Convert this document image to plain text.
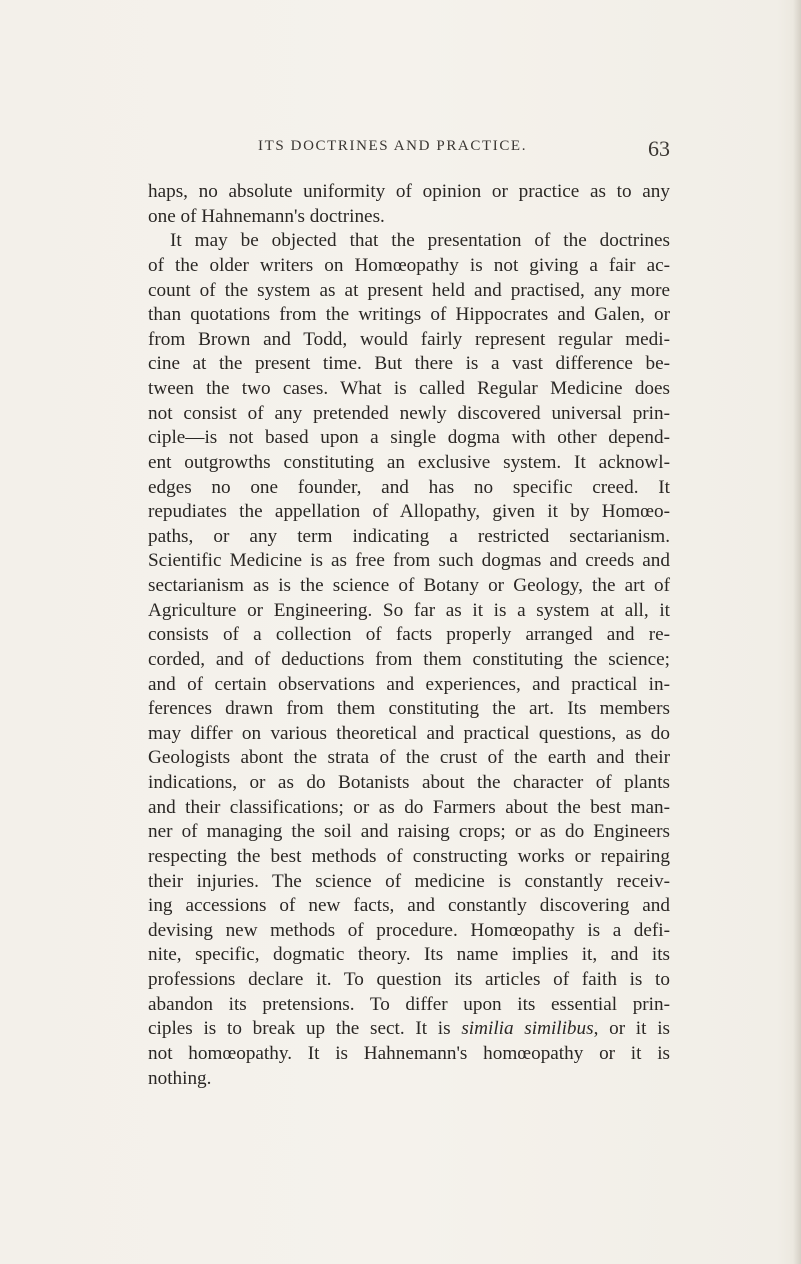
ITS DOCTRINES AND PRACTICE.	63
haps, no absolute uniformity of opinion or practice as to any
one of Hahnemann's doctrines.
It may be objected that the presentation of the doctrines
of the older writers on Homœopathy is not giving a fair ac-
count of the system as at present held and practised, any more
than quotations from the writings of Hippocrates and Galen, or
from Brown and Todd, would fairly represent regular medi-
cine at the present time. But there is a vast difference be-
tween the two cases. What is called Regular Medicine does
not consist of any pretended newly discovered universal prin-
ciple—is not based upon a single dogma with other depend-
ent outgrowths constituting an exclusive system. It acknowl-
edges no one founder, and has no specific creed. It
repudiates the appellation of Allopathy, given it by Homœo-
paths, or any term indicating a restricted sectarianism.
Scientific Medicine is as free from such dogmas and creeds and
sectarianism as is the science of Botany or Geology, the art of
Agriculture or Engineering. So far as it is a system at all, it
consists of a collection of facts properly arranged and re-
corded, and of deductions from them constituting the science;
and of certain observations and experiences, and practical in-
ferences drawn from them constituting the art. Its members
may differ on various theoretical and practical questions, as do
Geologists abont the strata of the crust of the earth and their
indications, or as do Botanists about the character of plants
and their classifications; or as do Farmers about the best man-
ner of managing the soil and raising crops; or as do Engineers
respecting the best methods of constructing works or repairing
their injuries. The science of medicine is constantly receiv-
ing accessions of new facts, and constantly discovering and
devising new methods of procedure. Homœopathy is a defi-
nite, specific, dogmatic theory. Its name implies it, and its
professions declare it. To question its articles of faith is to
abandon its pretensions. To differ upon its essential prin-
ciples is to break up the sect. It is similia similibus, or it is
not homœopathy. It is Hahnemann's homœopathy or it is
nothing.
